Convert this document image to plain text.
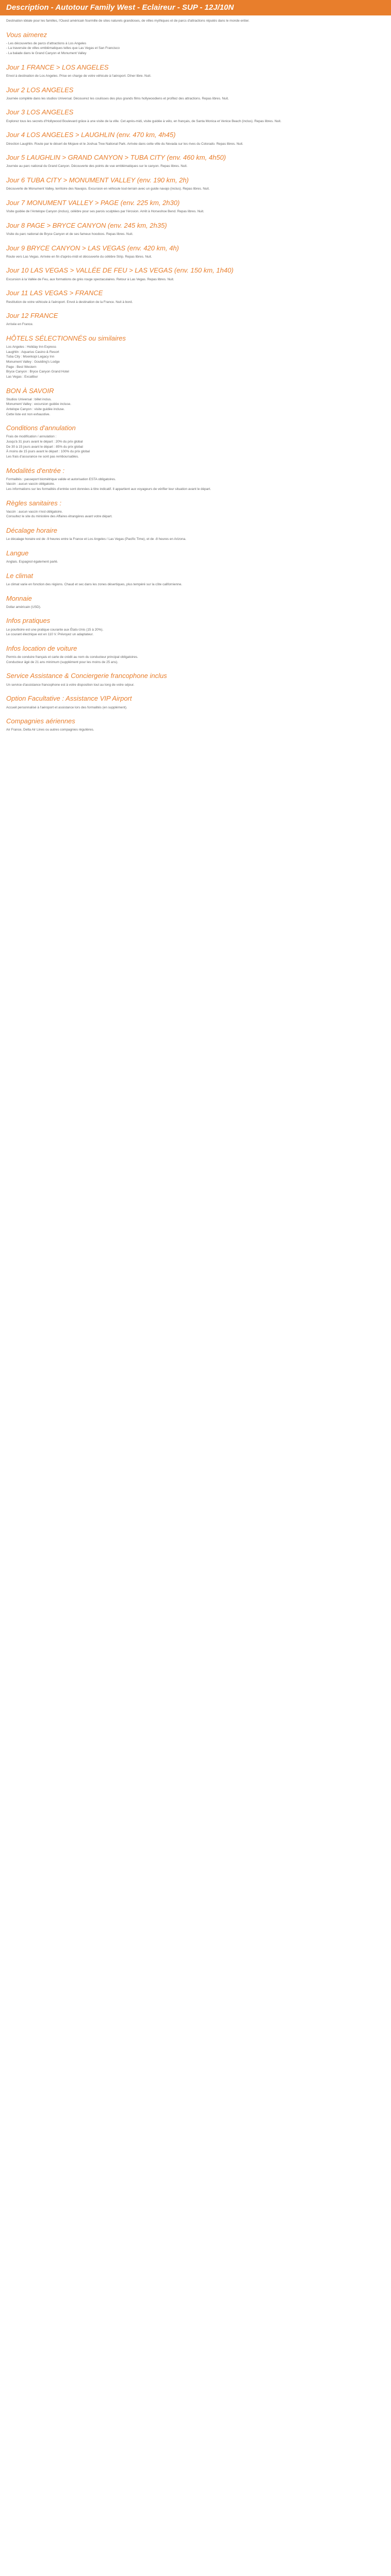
Description - Autotour Family West - Eclaireur - SUP - 12J/10N

Destination idéale pour les familles, l'Ouest américain fourmille de sites naturels grandioses, de villes mythiques et de parcs d'attractions réputés dans le monde entier.

Vous aimerez

- Les découvertes de parcs d'attractions à Los Angeles

- La traversée de villes emblématiques telles que Las Vegas et San Francisco

- La balade dans le Grand Canyon et Monument Valley

Jour 1 FRANCE > LOS ANGELES

Envol à destination de Los Angeles. Prise en charge de votre véhicule à l'aéroport. Dîner libre. Nuit.

Jour 2 LOS ANGELES

Journée complète dans les studios Universal. Découvrez les coulisses des plus grands films hollywoodiens et profitez des attractions. Repas libres. Nuit.

Jour 3 LOS ANGELES

Explorez tous les secrets d'Hollywood Boulevard grâce à une visite de la ville. Cet après-midi, visite guidée à vélo, en français, de Santa Monica et Venice Beach (inclus). Repas libres. Nuit.

Jour 4 LOS ANGELES > LAUGHLIN (env. 470 km, 4h45)

Direction Laughlin. Route par le désert de Mojave et le Joshua Tree National Park. Arrivée dans cette ville du Nevada sur les rives du Colorado. Repas libres. Nuit.

Jour 5 LAUGHLIN > GRAND CANYON > TUBA CITY (env. 460 km, 4h50)

Journée au parc national du Grand Canyon. Découverte des points de vue emblématiques sur le canyon. Repas libres. Nuit.

Jour 6 TUBA CITY > MONUMENT VALLEY (env. 190 km, 2h)

Découverte de Monument Valley, territoire des Navajos. Excursion en véhicule tout-terrain avec un guide navajo (inclus). Repas libres. Nuit.

Jour 7 MONUMENT VALLEY > PAGE (env. 225 km, 2h30)

Visite guidée de l'Antelope Canyon (inclus), célèbre pour ses parois sculptées par l'érosion. Arrêt à Horseshoe Bend. Repas libres. Nuit.

Jour 8 PAGE > BRYCE CANYON (env. 245 km, 2h35)

Visite du parc national de Bryce Canyon et de ses fameux hoodoos. Repas libres. Nuit.

Jour 9 BRYCE CANYON > LAS VEGAS (env. 420 km, 4h)

Route vers Las Vegas. Arrivée en fin d'après-midi et découverte du célèbre Strip. Repas libres. Nuit.

Jour 10 LAS VEGAS > VALLÉE DE FEU > LAS VEGAS (env. 150 km, 1h40)

Excursion à la Vallée de Feu, aux formations de grès rouge spectaculaires. Retour à Las Vegas. Repas libres. Nuit.

Jour 11 LAS VEGAS > FRANCE

Restitution de votre véhicule à l'aéroport. Envol à destination de la France. Nuit à bord.

Jour 12 FRANCE

Arrivée en France.

HÔTELS SÉLECTIONNÉS ou similaires

Los Angeles : Holiday Inn Express

Laughlin : Aquarius Casino & Resort

Tuba City : Moenkopi Legacy Inn

Monument Valley : Goulding's Lodge

Page : Best Western

Bryce Canyon : Bryce Canyon Grand Hotel

Las Vegas : Excalibur

BON À SAVOIR

Studios Universal : billet inclus.

Monument Valley : excursion guidée incluse.

Antelope Canyon : visite guidée incluse.

Cette liste est non exhaustive.

Conditions d'annulation

Frais de modification / annulation :

Jusqu'à 31 jours avant le départ : 20% du prix global

De 30 à 15 jours avant le départ : 85% du prix global

À moins de 15 jours avant le départ : 100% du prix global

Les frais d'assurance ne sont pas remboursables.

Modalités d'entrée :

Formalités : passeport biométrique valide et autorisation ESTA obligatoires.

Vaccin : aucun vaccin obligatoire.

Les informations sur les formalités d'entrée sont données à titre indicatif. Il appartient aux voyageurs de vérifier leur situation avant le départ.

Règles sanitaires :

Vaccin : aucun vaccin n'est obligatoire.

Consultez le site du ministère des Affaires étrangères avant votre départ.

Décalage horaire

Le décalage horaire est de -9 heures entre la France et Los Angeles / Las Vegas (Pacific Time), et de -8 heures en Arizona.

Langue

Anglais. Espagnol également parlé.

Le climat

Le climat varie en fonction des régions. Chaud et sec dans les zones désertiques, plus tempéré sur la côte californienne.

Monnaie

Dollar américain (USD).

Infos pratiques

Le pourboire est une pratique courante aux États-Unis (15 à 20%).

Le courant électrique est en 110 V. Prévoyez un adaptateur.

Infos location de voiture

Permis de conduire français et carte de crédit au nom du conducteur principal obligatoires.

Conducteur âgé de 21 ans minimum (supplément pour les moins de 25 ans).

Service Assistance & Conciergerie francophone inclus

Un service d'assistance francophone est à votre disposition tout au long de votre séjour.

Option Facultative : Assistance VIP Airport

Accueil personnalisé à l'aéroport et assistance lors des formalités (en supplément).

Compagnies aériennes

Air France, Delta Air Lines ou autres compagnies régulières.
